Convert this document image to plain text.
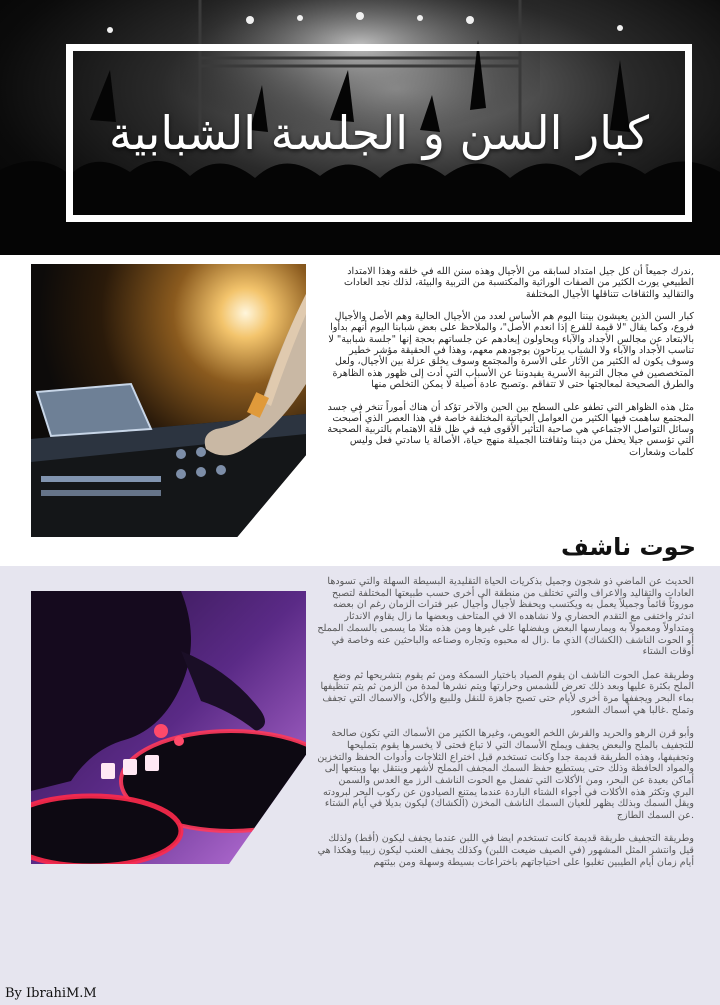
كبار السن و الجلسة الشبابية

,ندرك جميعاً أن كل جيل امتداد لسابقه من الأجيال وهذه سنن الله في خلقه وهذا الامتداد الطبيعي يورث الكثير من الصفات الوراثية والمكتسبة من التربية والبيئة، لذلك نجد العادات والتقاليد والثقافات تتناقلها الأجيال المختلفة

كبار السن الذين يعيشون بيننا اليوم هم الأساس لعدد من الأجيال الحالية وهم الأصل والأجيال فروع، وكما يقال "لا قيمة للفرع إذا انعدم الأصل"، والملاحظ على بعض شبابنا اليوم أنهم بدأوا بالابتعاد عن مجالس الأجداد والآباء ويحاولون إبعادهم عن جلساتهم بحجة إنها "جلسة شبابية" لا تناسب الأجداد والآباء ولا الشباب يرتاحون بوجودهم معهم، وهذا في الحقيقة مؤشر خطير وسوف يكون له الكثير من الآثار على الأسرة والمجتمع وسوف يخلق عزلة بين الأجيال، ولعل المتخصصين في مجال التربية الأسرية يفيدوننا عن الأسباب التي أدت إلى ظهور هذه الظاهرة والطرق الصحيحة لمعالجتها حتى لا تتفاقم .وتصبح عادة أصيلة لا يمكن التخلص منها

مثل هذه الظواهر التي تطفو على السطح بين الحين والآخر تؤكد أن هناك أموراً تنخر في جسد المجتمع ساهمت فيها الكثير من العوامل الحياتية المختلفة خاصة في هذا العصر الذي أصبحت وسائل التواصل الاجتماعي هي صاحبة التأثير الأقوى فيه في ظل قلة الاهتمام بالتربية الصحيحة التي تؤسس جيلا يحفل من ديننا وثقافتنا الجميلة منهج حياة، الأصالة يا سادتي فعل وليس كلمات وشعارات

حوت ناشف

الحديث عن الماضي ذو شجون وجميل بذكريات الحياة التقليدية البسيطة السهلة والتي تسودها العادات والتقاليد والاعراف والتي تختلف من منطقة الى أخرى حسب طبيعتها المختلفة لتصبح موروثاً قائماً وجميلاً يعمل به ويكتسب ويحفظ لأجيال وأجيال عبر فترات الزمان رغم ان بعضه اندثر واختفى مع التقدم الحضاري ولا نشاهده الا في المتاحف وبعضها ما زال يقاوم الاندثار ومتداولاً ومعمولاً به ويمارسها البعض ويفضلها على غيرها ومن هذه مثلا ما يسمى بالسمك المملح أو الحوت الناشف (الكشاك) الذي ما .زال له محبوه وتجاره وصناعه والباحثين عنه وخاصة في أوقات الشتاء

وطريقة عمل الحوت الناشف ان يقوم الصياد باختيار السمكة ومن ثم يقوم بتشريحها ثم وضع الملح بكثرة عليها وبعد ذلك تعرض للشمس وحرارتها ويتم نشرها لمدة من الزمن ثم يتم تنظيفها بماء البحر ويجففها مرة أخرى لأيام حتى تصبح جاهزة للنقل وللبيع والأكل، والاسماك التي تجفف وتملح .غالبا هي أسماك الشعور

وأبو قرن الرهو والحريد والقرش اللخم العويص، وغيرها الكثير من الأسماك التي تكون صالحة للتجفيف بالملح والبعض يجفف ويملح الأسماك التي لا تباع فحتى لا يخسرها يقوم بتمليحها وتجفيفها، وهذه الطريقة قديمة جدا وكانت تستخدم قبل اختراع الثلاجات وأدوات الحفظ والتخزين والمواد الحافظة وذلك حتى يستطيع حفظ السمك المجفف المملح لأشهر وينتقل بها ويبتعها إلى أماكن بعيدة عن البحر، ومن الأكلات التي تفضل مع الحوت الناشف الرز مع العدس والسمن البري وتكثر هذه الأكلات في أجواء الشتاء الباردة عندما يمتنع الصيادون عن ركوب البحر لبرودته ويقل السمك وبذلك يظهر للعيان السمك الناشف المخزن (الكشاك) ليكون بديلا في أيام الشتاء .عن السمك الطازج

وطريقة التجفيف طريقة قديمة كانت تستخدم ايضا في اللبن عندما يجفف ليكون (أقط) ولذلك قيل وانتشر المثل المشهور (في الصيف ضيعت اللبن) وكذلك يجفف العنب ليكون زبيبا وهكذا هي أيام زمان أيام الطيبين تغلبوا على احتياجاتهم باختراعات بسيطة وسهلة ومن بيئتهم

By IbrahiM.M
